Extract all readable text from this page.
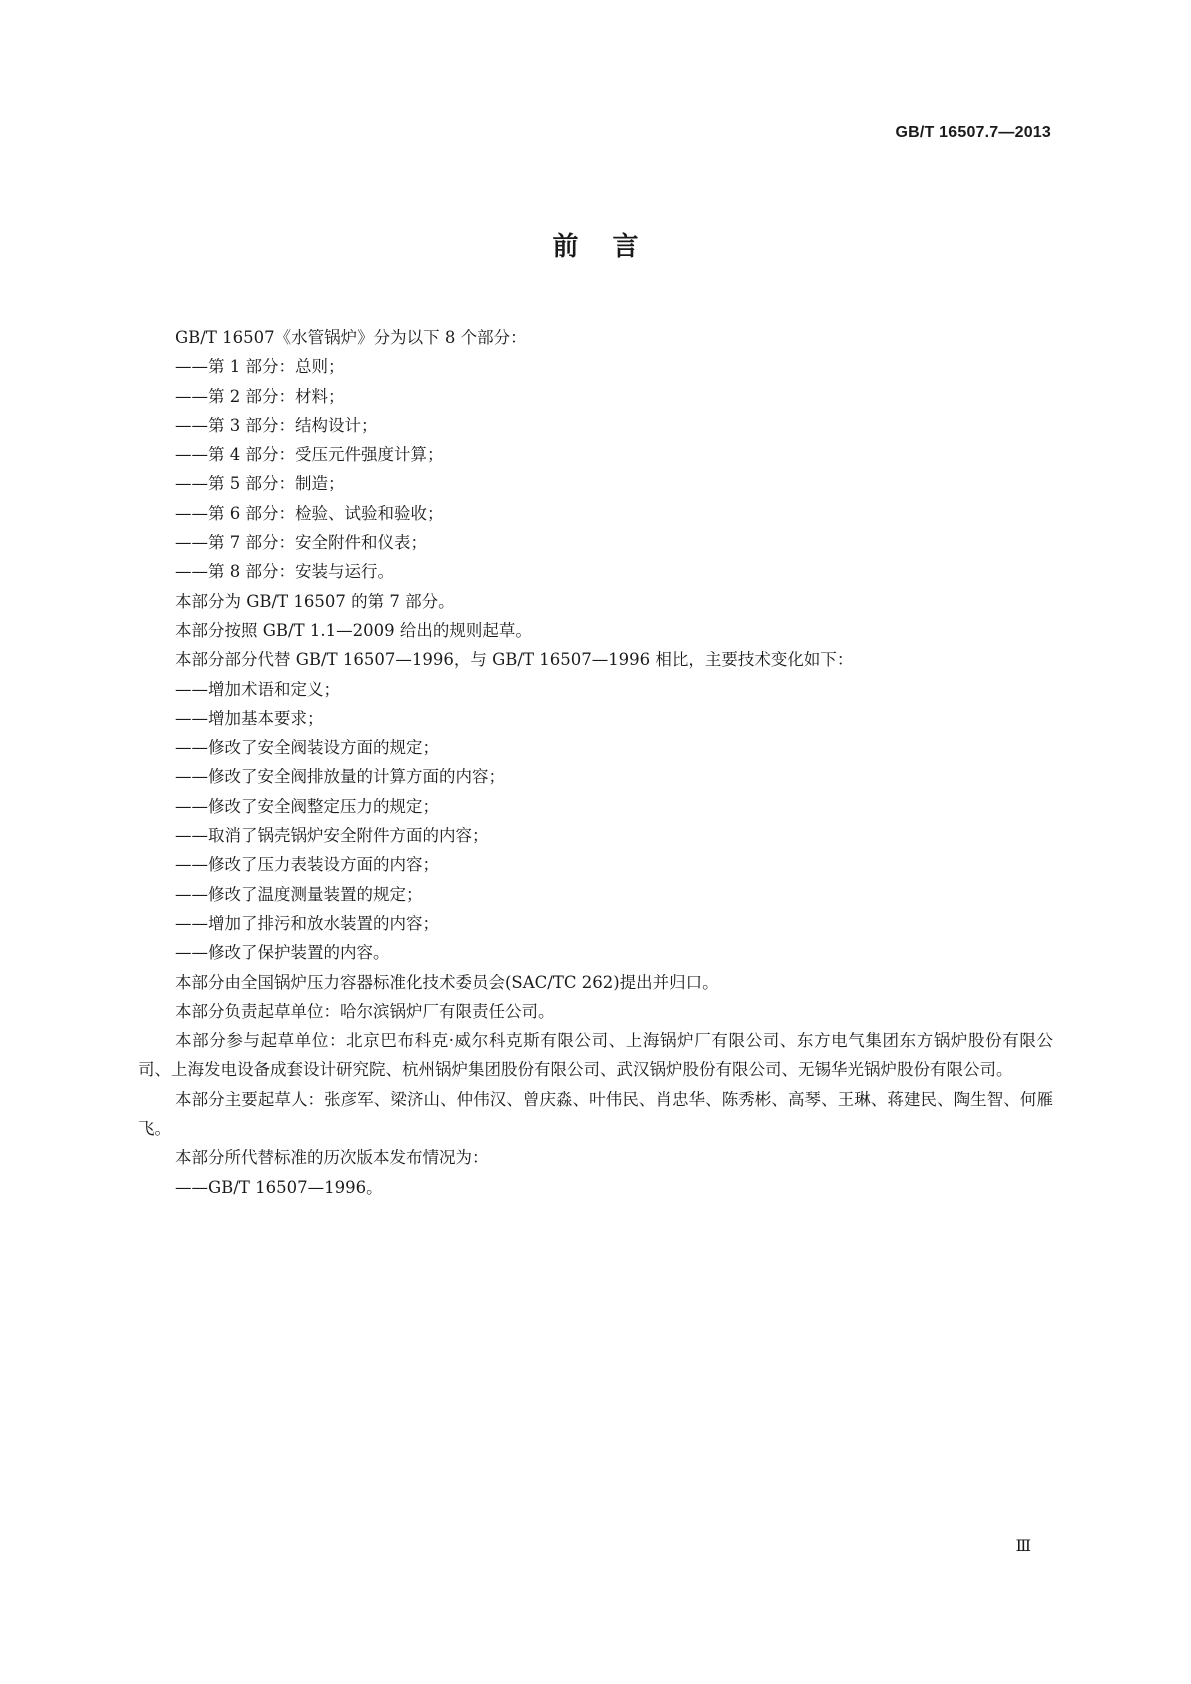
GB/T 16507.7—2013
前言

GB/T 16507《水管锅炉》分为以下 8 个部分：

——第 1 部分：总则；

——第 2 部分：材料；

——第 3 部分：结构设计；

——第 4 部分：受压元件强度计算；

——第 5 部分：制造；

——第 6 部分：检验、试验和验收；

——第 7 部分：安全附件和仪表；

——第 8 部分：安装与运行。

本部分为 GB/T 16507 的第 7 部分。

本部分按照 GB/T 1.1—2009 给出的规则起草。

本部分部分代替 GB/T 16507—1996，与 GB/T 16507—1996 相比，主要技术变化如下：

——增加术语和定义；

——增加基本要求；

——修改了安全阀装设方面的规定；

——修改了安全阀排放量的计算方面的内容；

——修改了安全阀整定压力的规定；

——取消了锅壳锅炉安全附件方面的内容；

——修改了压力表装设方面的内容；

——修改了温度测量装置的规定；

——增加了排污和放水装置的内容；

——修改了保护装置的内容。

本部分由全国锅炉压力容器标准化技术委员会(SAC/TC 262)提出并归口。

本部分负责起草单位：哈尔滨锅炉厂有限责任公司。

本部分参与起草单位：北京巴布科克·威尔科克斯有限公司、上海锅炉厂有限公司、东方电气集团东方锅炉股份有限公司、上海发电设备成套设计研究院、杭州锅炉集团股份有限公司、武汉锅炉股份有限公司、无锡华光锅炉股份有限公司。

本部分主要起草人：张彦军、梁济山、仲伟汉、曾庆淼、叶伟民、肖忠华、陈秀彬、高琴、王琳、蒋建民、陶生智、何雁飞。

本部分所代替标准的历次版本发布情况为：

——GB/T 16507—1996。

Ⅲ
